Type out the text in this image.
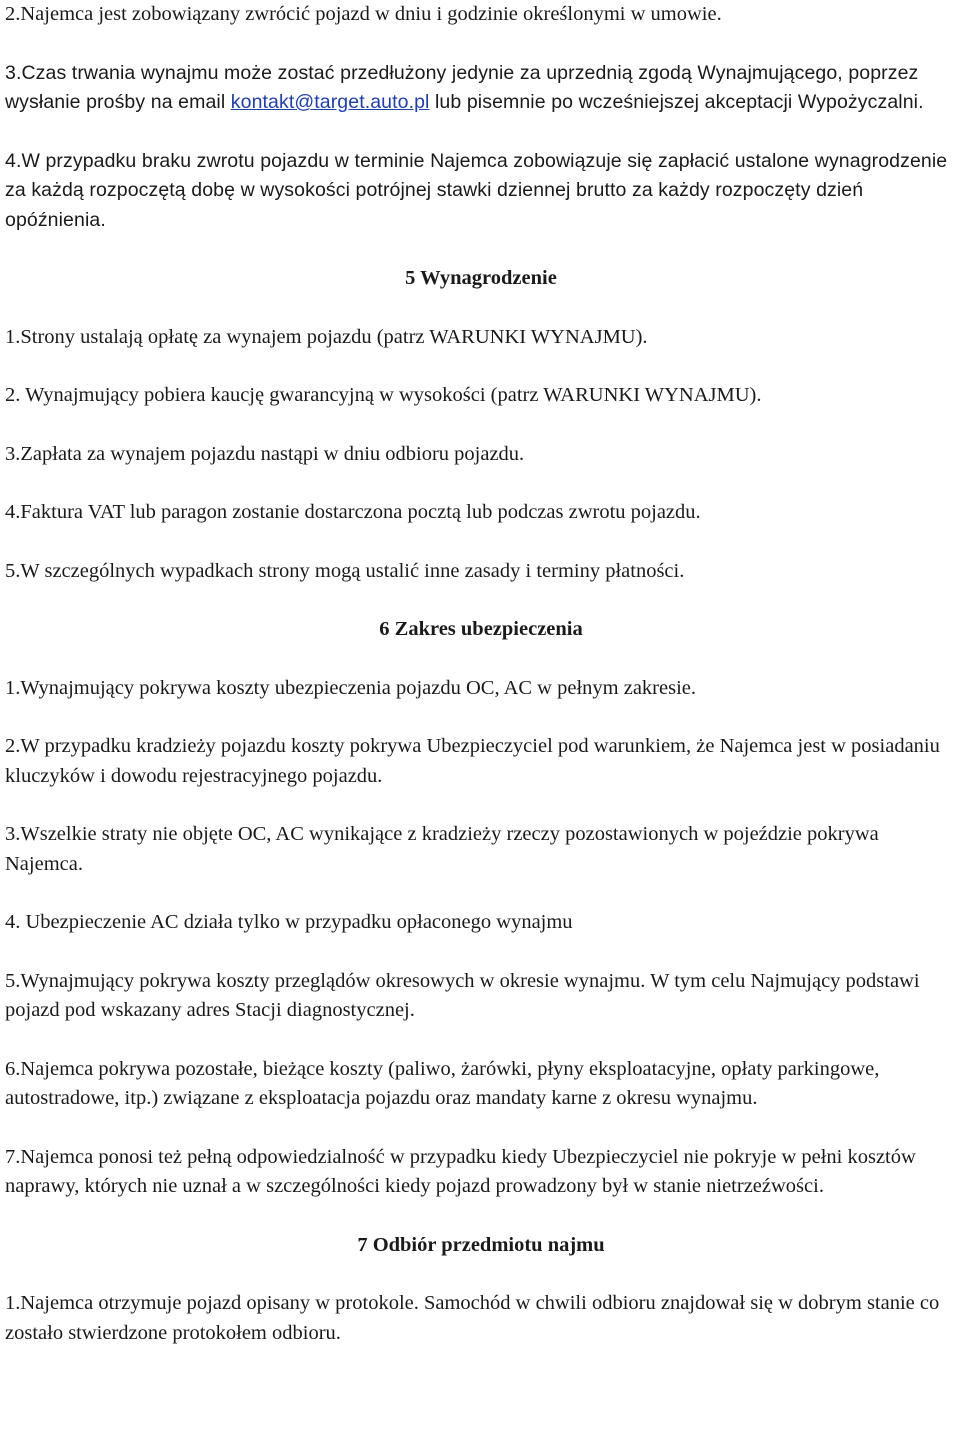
2.Najemca jest zobowiązany zwrócić pojazd w dniu i godzinie określonymi w umowie.

3.Czas trwania wynajmu może zostać przedłużony jedynie za uprzednią zgodą Wynajmującego, poprzez wysłanie prośby na email kontakt@target.auto.pl lub pisemnie po wcześniejszej akceptacji Wypożyczalni.

4.W przypadku braku zwrotu pojazdu w terminie Najemca zobowiązuje się zapłacić ustalone wynagrodzenie za każdą rozpoczętą dobę w wysokości potrójnej stawki dziennej brutto za każdy rozpoczęty dzień opóźnienia.

5 Wynagrodzenie

1.Strony ustalają opłatę za wynajem pojazdu (patrz WARUNKI WYNAJMU).

2. Wynajmujący pobiera kaucję gwarancyjną w wysokości (patrz WARUNKI WYNAJMU).

3.Zapłata za wynajem pojazdu nastąpi w dniu odbioru pojazdu.

4.Faktura VAT lub paragon zostanie dostarczona pocztą lub podczas zwrotu pojazdu.

5.W szczególnych wypadkach strony mogą ustalić inne zasady i terminy płatności.

6 Zakres ubezpieczenia

1.Wynajmujący pokrywa koszty ubezpieczenia pojazdu OC, AC w pełnym zakresie.

2.W przypadku kradzieży pojazdu koszty pokrywa Ubezpieczyciel pod warunkiem, że Najemca jest w posiadaniu kluczyków i dowodu rejestracyjnego pojazdu.

3.Wszelkie straty nie objęte OC, AC wynikające z kradzieży rzeczy pozostawionych w pojeździe pokrywa Najemca.

4. Ubezpieczenie AC działa tylko w przypadku opłaconego wynajmu

5.Wynajmujący pokrywa koszty przeglądów okresowych w okresie wynajmu. W tym celu Najmujący podstawi pojazd pod wskazany adres Stacji diagnostycznej.

6.Najemca pokrywa pozostałe, bieżące koszty (paliwo, żarówki, płyny eksploatacyjne, opłaty parkingowe, autostradowe, itp.) związane z eksploatacja pojazdu oraz mandaty karne z okresu wynajmu.

7.Najemca ponosi też pełną odpowiedzialność w przypadku kiedy Ubezpieczyciel nie pokryje w pełni kosztów naprawy, których nie uznał a w szczególności kiedy pojazd prowadzony był w stanie nietrzeźwości.

7 Odbiór przedmiotu najmu

1.Najemca otrzymuje pojazd opisany w protokole. Samochód w chwili odbioru znajdował się w dobrym stanie co zostało stwierdzone protokołem odbioru.
